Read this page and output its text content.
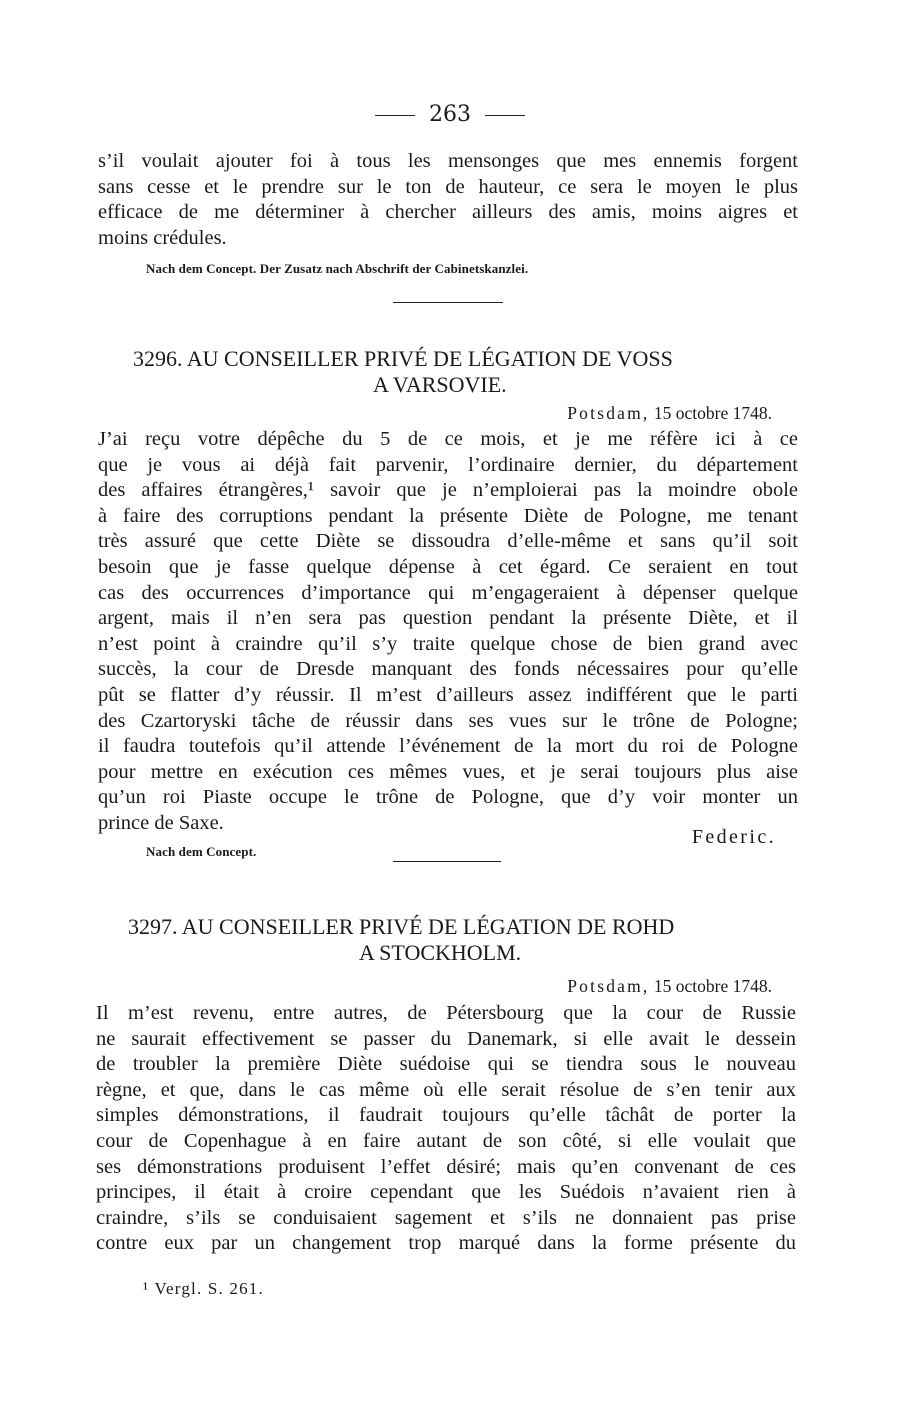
263
s’il voulait ajouter foi à tous les mensonges que mes ennemis forgent
sans cesse et le prendre sur le ton de hauteur, ce sera le moyen le plus
efficace de me déterminer à chercher ailleurs des amis, moins aigres et
moins crédules.
Nach dem Concept. Der Zusatz nach Abschrift der Cabinetskanzlei.
3296. AU CONSEILLER PRIVÉ DE LÉGATION DE VOSS
A VARSOVIE.
Potsdam, 15 octobre 1748.
J’ai reçu votre dépêche du 5 de ce mois, et je me réfère ici à ce
que je vous ai déjà fait parvenir, l’ordinaire dernier, du département
des affaires étrangères,¹ savoir que je n’emploierai pas la moindre obole
à faire des corruptions pendant la présente Diète de Pologne, me tenant
très assuré que cette Diète se dissoudra d’elle-même et sans qu’il soit
besoin que je fasse quelque dépense à cet égard. Ce seraient en tout
cas des occurrences d’importance qui m’engageraient à dépenser quelque
argent, mais il n’en sera pas question pendant la présente Diète, et il
n’est point à craindre qu’il s’y traite quelque chose de bien grand avec
succès, la cour de Dresde manquant des fonds nécessaires pour qu’elle
pût se flatter d’y réussir. Il m’est d’ailleurs assez indifférent que le parti
des Czartoryski tâche de réussir dans ses vues sur le trône de Pologne;
il faudra toutefois qu’il attende l’événement de la mort du roi de Pologne
pour mettre en exécution ces mêmes vues, et je serai toujours plus aise
qu’un roi Piaste occupe le trône de Pologne, que d’y voir monter un
prince de Saxe.
Federic.
Nach dem Concept.
3297. AU CONSEILLER PRIVÉ DE LÉGATION DE ROHD
A STOCKHOLM.
Potsdam, 15 octobre 1748.
Il m’est revenu, entre autres, de Pétersbourg que la cour de Russie
ne saurait effectivement se passer du Danemark, si elle avait le dessein
de troubler la première Diète suédoise qui se tiendra sous le nouveau
règne, et que, dans le cas même où elle serait résolue de s’en tenir aux
simples démonstrations, il faudrait toujours qu’elle tâchât de porter la
cour de Copenhague à en faire autant de son côté, si elle voulait que
ses démonstrations produisent l’effet désiré; mais qu’en convenant de ces
principes, il était à croire cependant que les Suédois n’avaient rien à
craindre, s’ils se conduisaient sagement et s’ils ne donnaient pas prise
contre eux par un changement trop marqué dans la forme présente du
¹ Vergl. S. 261.
